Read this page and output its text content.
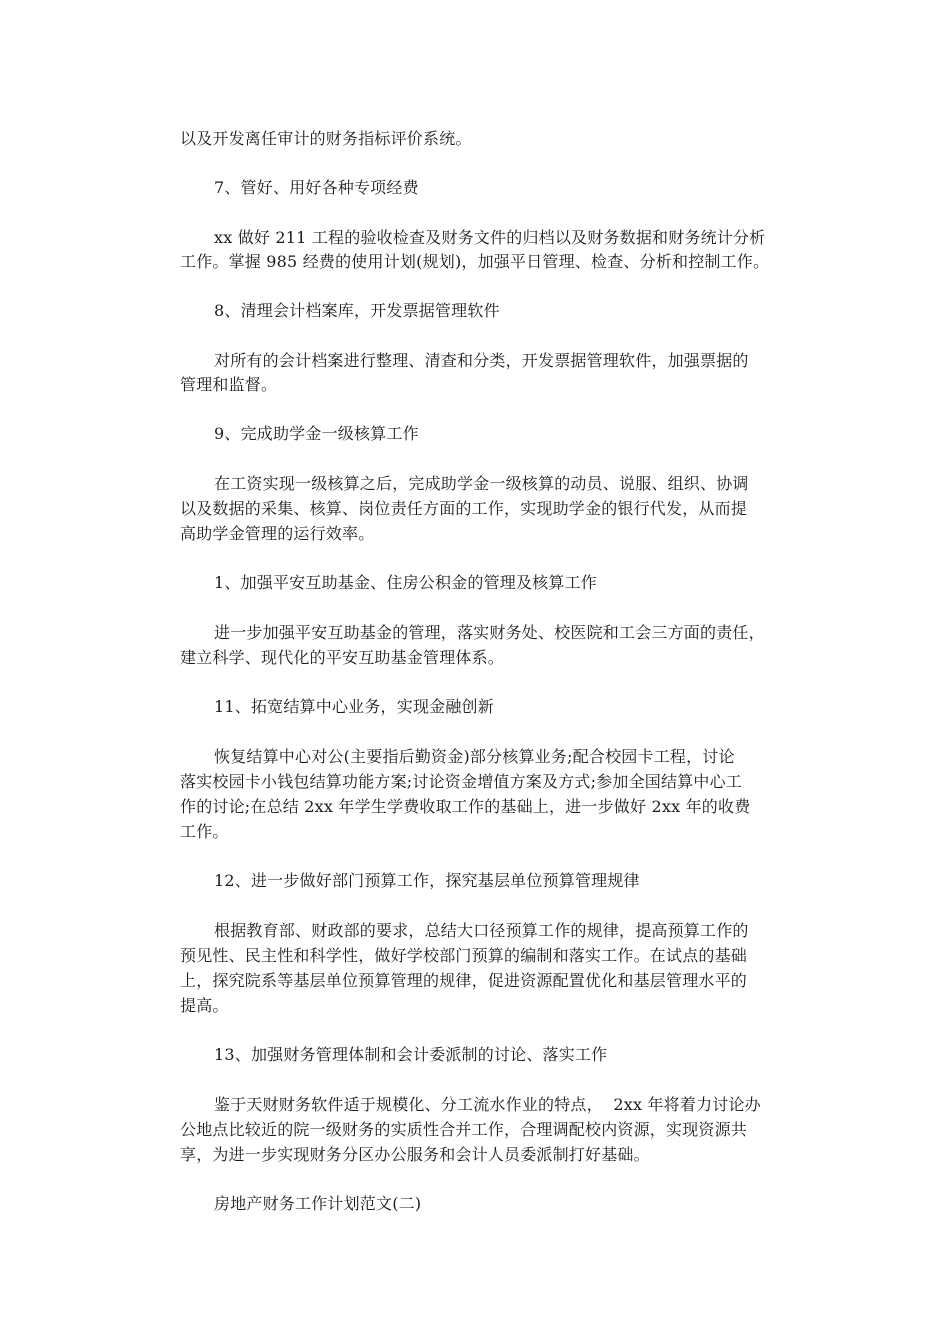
以及开发离任审计的财务指标评价系统。
7、管好、用好各种专项经费
xx 做好 211 工程的验收检查及财务文件的归档以及财务数据和财务统计分析
工作。掌握 985 经费的使用计划(规划)，加强平日管理、检查、分析和控制工作。
8、清理会计档案库，开发票据管理软件
对所有的会计档案进行整理、清查和分类，开发票据管理软件，加强票据的
管理和监督。
9、完成助学金一级核算工作
在工资实现一级核算之后，完成助学金一级核算的动员、说服、组织、协调
以及数据的采集、核算、岗位责任方面的工作，实现助学金的银行代发，从而提
高助学金管理的运行效率。
1、加强平安互助基金、住房公积金的管理及核算工作
进一步加强平安互助基金的管理，落实财务处、校医院和工会三方面的责任，
建立科学、现代化的平安互助基金管理体系。
11、拓宽结算中心业务，实现金融创新
恢复结算中心对公(主要指后勤资金)部分核算业务;配合校园卡工程，讨论
落实校园卡小钱包结算功能方案;讨论资金增值方案及方式;参加全国结算中心工
作的讨论;在总结 2xx 年学生学费收取工作的基础上，进一步做好 2xx 年的收费
工作。
12、进一步做好部门预算工作，探究基层单位预算管理规律
根据教育部、财政部的要求，总结大口径预算工作的规律，提高预算工作的
预见性、民主性和科学性，做好学校部门预算的编制和落实工作。在试点的基础
上，探究院系等基层单位预算管理的规律，促进资源配置优化和基层管理水平的
提高。
13、加强财务管理体制和会计委派制的讨论、落实工作
鉴于天财财务软件适于规模化、分工流水作业的特点，  2xx 年将着力讨论办
公地点比较近的院一级财务的实质性合并工作，合理调配校内资源，实现资源共
享，为进一步实现财务分区办公服务和会计人员委派制打好基础。
房地产财务工作计划范文(二)
